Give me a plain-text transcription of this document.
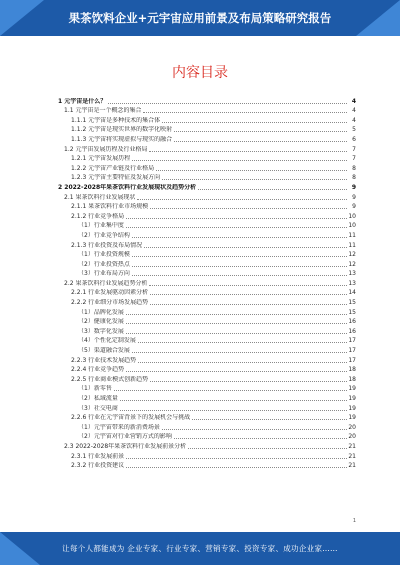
果茶饮料企业+元宇宙应用前景及布局策略研究报告
内容目录
1 元宇宙是什么？	4
1.1 元宇宙是一个概念的集合	4
1.1.1 元宇宙是多种技术的集合体	4
1.1.2 元宇宙是现实世界的数字化映射	5
1.1.3 元宇宙将实现虚拟与现实的融合	6
1.2 元宇宙发展历程及行业格局	7
1.2.1 元宇宙发展历程	7
1.2.2 元宇宙产业链及行业格局	8
1.2.3 元宇宙主要特征及发展方向	8
2 2022-2028年果茶饮料行业发展现状及趋势分析	9
2.1 果茶饮料行业发展现状	9
2.1.1 果茶饮料行业市场规模	9
2.1.2 行业竞争格局	10
（1）行业集中度	10
（2）行业竞争结构	11
2.1.3 行业投资及布局情况	11
（1）行业投资规模	12
（2）行业投资热点	12
（3）行业布局方向	13
2.2 果茶饮料行业发展趋势分析	13
2.2.1 行业发展驱动因素分析	14
2.2.2 行业细分市场发展趋势	15
（1）品牌化发展	15
（2）健康化发展	16
（3）数字化发展	16
（4）个性化定制发展	17
（5）渠道融合发展	17
2.2.3 行业技术发展趋势	17
2.2.4 行业竞争趋势	18
2.2.5 行业商业模式创新趋势	18
（1）新零售	19
（2）私域流量	19
（3）社交电商	19
2.2.6 行业在元宇宙背景下的发展机会与挑战	19
（1）元宇宙带来的新消费场景	20
（2）元宇宙对行业营销方式的影响	20
2.3 2022-2028年果茶饮料行业发展前景分析	21
2.3.1 行业发展前景	21
2.3.2 行业投资建议	21
1
让每个人都能成为 企业专家、行业专家、营销专家、投资专家、成功企业家……
